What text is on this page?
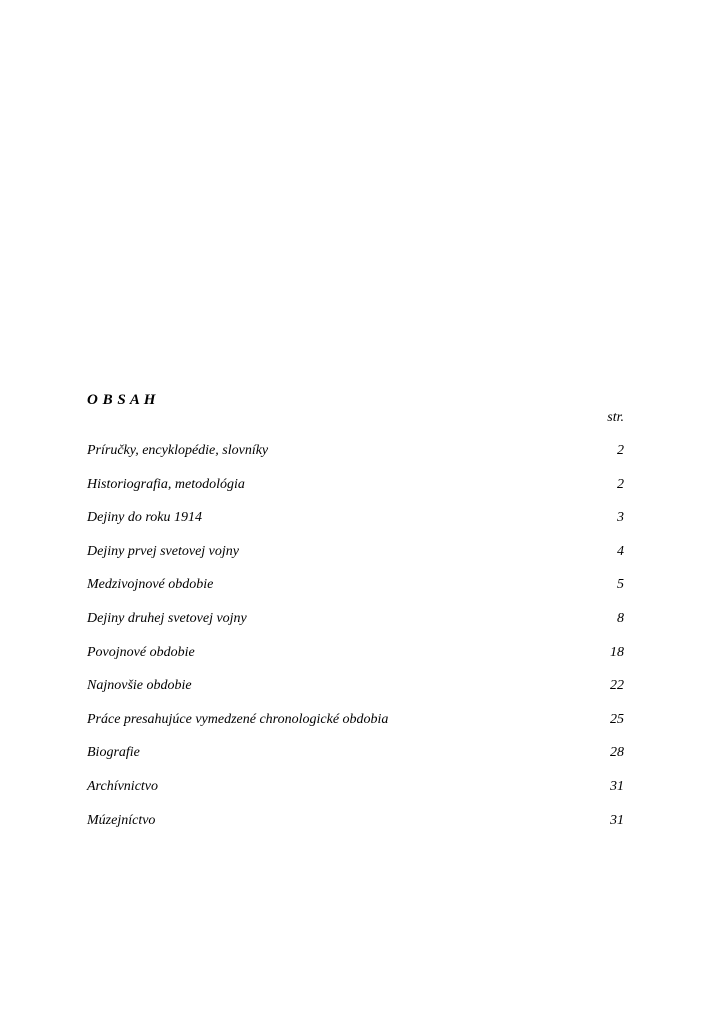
O B S A H
str.
Príručky, encyklopédie, slovníky	2
Historiografia, metodológia	2
Dejiny do roku 1914	3
Dejiny prvej svetovej vojny	4
Medzivojnové obdobie	5
Dejiny druhej svetovej vojny	8
Povojnové obdobie	18
Najnovšie obdobie	22
Práce presahujúce vymedzené chronologické obdobia	25
Biografie	28
Archívnictvo	31
Múzejníctvo	31
